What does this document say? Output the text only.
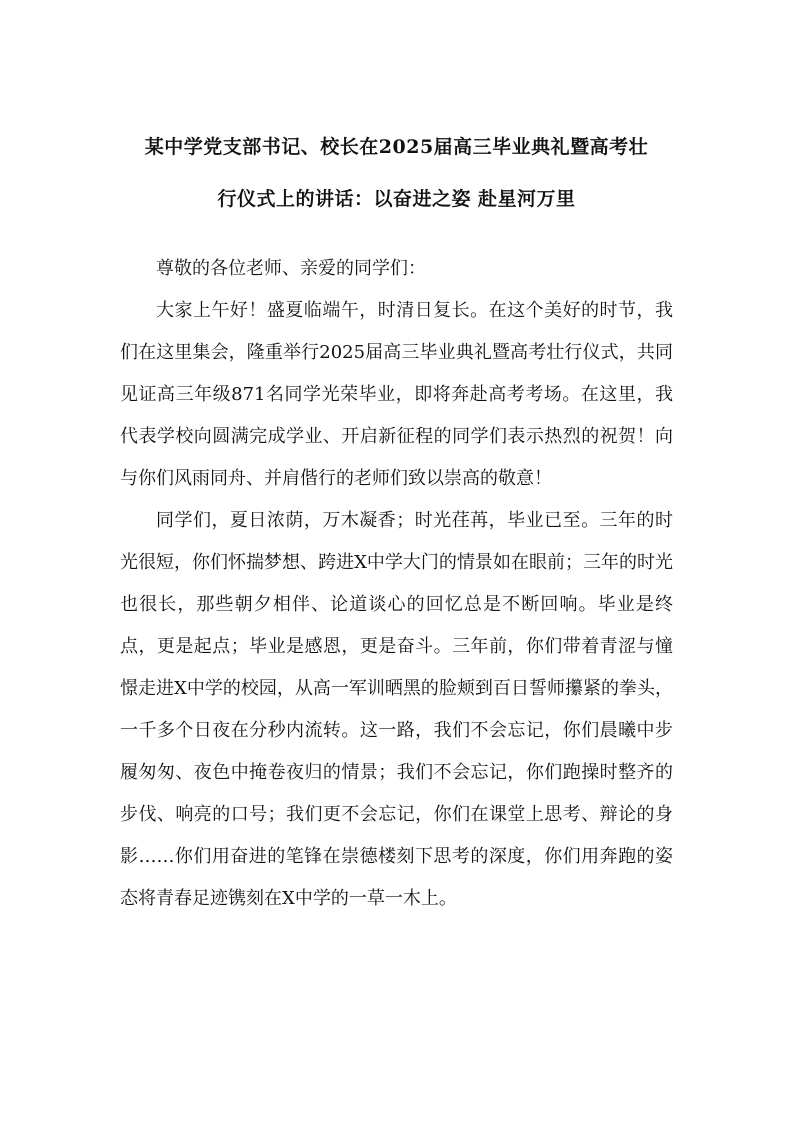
某中学党支部书记、校长在2025届高三毕业典礼暨高考壮
行仪式上的讲话：以奋进之姿 赴星河万里

尊敬的各位老师、亲爱的同学们：

大家上午好！盛夏临端午，时清日复长。在这个美好的时节，我们在这里集会，隆重举行2025届高三毕业典礼暨高考壮行仪式，共同见证高三年级871名同学光荣毕业，即将奔赴高考考场。在这里，我代表学校向圆满完成学业、开启新征程的同学们表示热烈的祝贺！向与你们风雨同舟、并肩偕行的老师们致以崇高的敬意！

同学们，夏日浓荫，万木凝香；时光荏苒，毕业已至。三年的时光很短，你们怀揣梦想、跨进X中学大门的情景如在眼前；三年的时光也很长，那些朝夕相伴、论道谈心的回忆总是不断回响。毕业是终点，更是起点；毕业是感恩，更是奋斗。三年前，你们带着青涩与憧憬走进X中学的校园，从高一军训晒黑的脸颊到百日誓师攥紧的拳头，一千多个日夜在分秒内流转。这一路，我们不会忘记，你们晨曦中步履匆匆、夜色中掩卷夜归的情景；我们不会忘记，你们跑操时整齐的步伐、响亮的口号；我们更不会忘记，你们在课堂上思考、辩论的身影……你们用奋进的笔锋在崇德楼刻下思考的深度，你们用奔跑的姿态将青春足迹镌刻在X中学的一草一木上。
